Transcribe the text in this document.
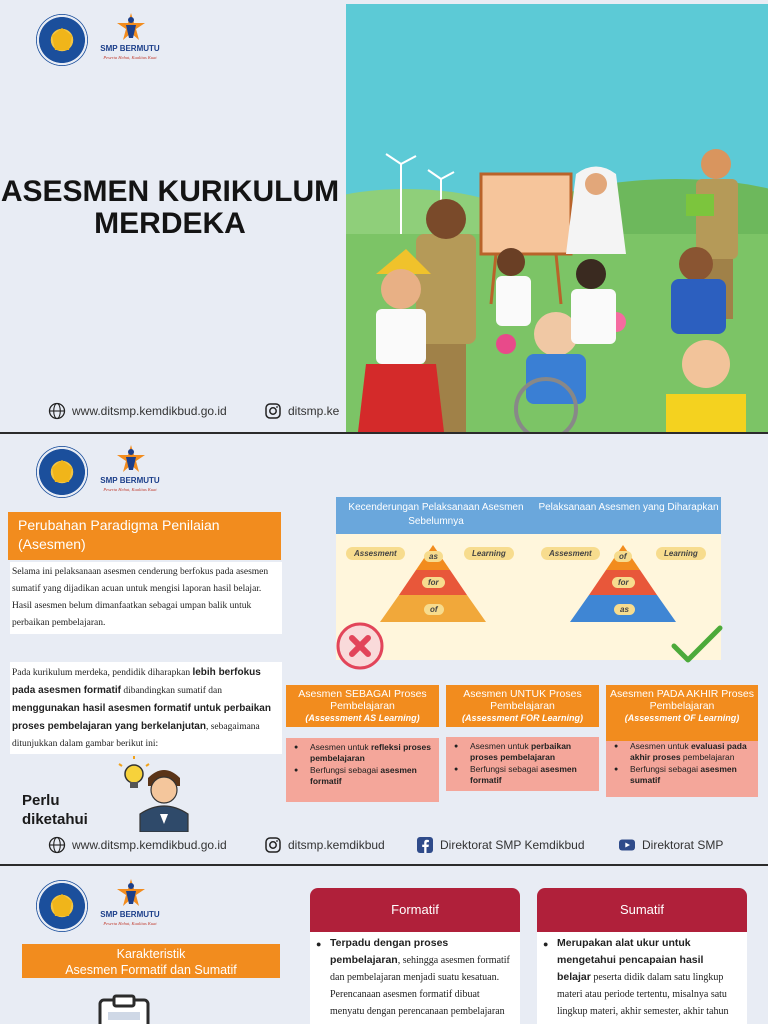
SMP BERMUTU
Peserta Hebat, Kualitas Kuat
ASESMEN KURIKULUM
MERDEKA
www.ditsmp.kemdikbud.go.id	ditsmp.ke
SMP BERMUTU
Peserta Hebat, Kualitas Kuat
Perubahan Paradigma Penilaian (Asesmen)
Selama ini pelaksanaan asesmen cenderung berfokus pada asesmen sumatif yang dijadikan acuan untuk mengisi laporan hasil belajar. Hasil asesmen belum dimanfaatkan sebagai umpan balik untuk perbaikan pembelajaran.
Pada kurikulum merdeka, pendidik diharapkan lebih berfokus pada asesmen formatif dibandingkan sumatif dan menggunakan hasil asesmen formatif untuk perbaikan proses pembelajaran yang berkelanjutan, sebagaimana ditunjukkan dalam gambar berikut ini:
Perlu diketahui
Kecenderungan Pelaksanaan Asesmen Sebelumnya
Pelaksanaan Asesmen yang Diharapkan
Assesment	Learning	Assesment	Learning
as
for
of
of
for
as
Asesmen SEBAGAI Proses Pembelajaran
(Assessment AS Learning)
● Asesmen untuk refleksi proses pembelajaran
● Berfungsi sebagai asesmen formatif
Asesmen UNTUK Proses Pembelajaran
(Assessment FOR Learning)
● Asesmen untuk perbaikan proses pembelajaran
● Berfungsi sebagai asesmen formatif
Asesmen PADA AKHIR Proses Pembelajaran
(Assessment OF Learning)
● Asesmen untuk evaluasi pada akhir proses pembelajaran
● Berfungsi sebagai asesmen sumatif
www.ditsmp.kemdikbud.go.id	ditsmp.kemdikbud	Direktorat SMP Kemdikbud	Direktorat SMP
SMP BERMUTU
Peserta Hebat, Kualitas Kuat
Karakteristik
Asesmen Formatif dan Sumatif
Formatif
● Terpadu dengan proses pembelajaran, sehingga asesmen formatif dan pembelajaran menjadi suatu kesatuan. Perencanaan asesmen formatif dibuat menyatu dengan perencanaan pembelajaran
Sumatif
● Merupakan alat ukur untuk mengetahui pencapaian hasil belajar peserta didik dalam satu lingkup materi atau periode tertentu, misalnya satu lingkup materi, akhir semester, akhir tahun
